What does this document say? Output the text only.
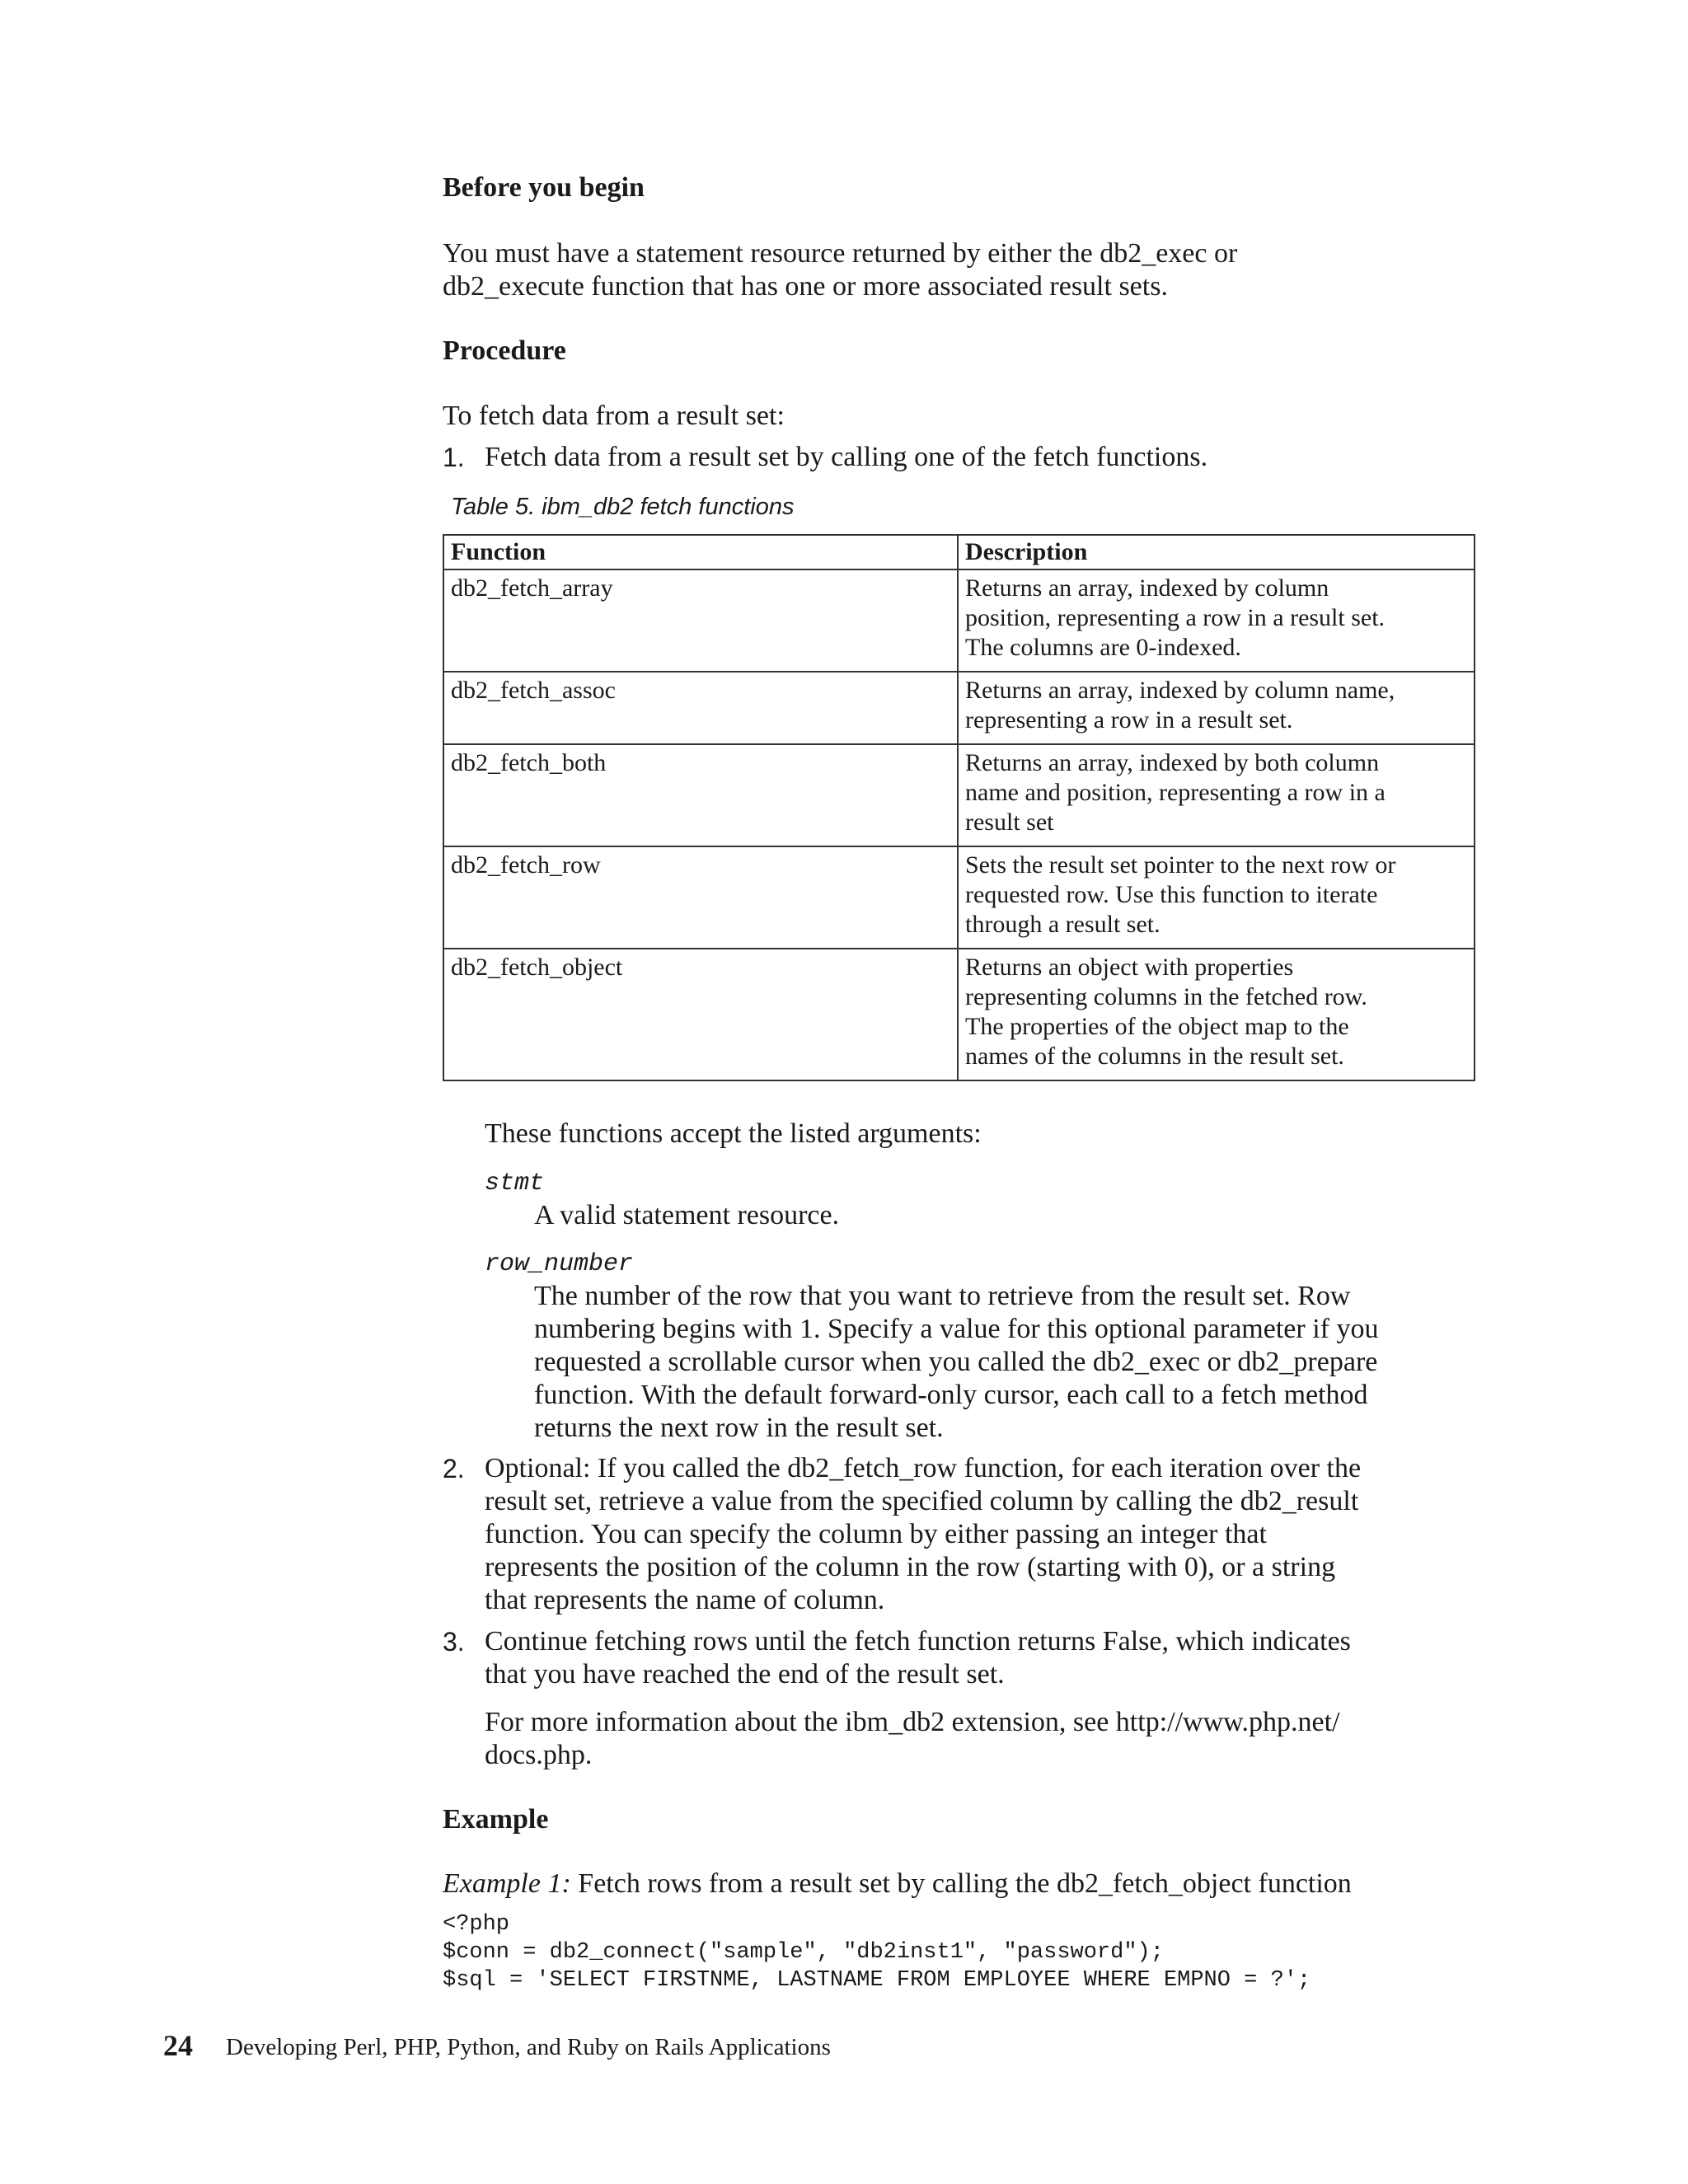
Before you begin

You must have a statement resource returned by either the db2_exec or

db2_execute function that has one or more associated result sets.

Procedure

To fetch data from a result set:

1. Fetch data from a result set by calling one of the fetch functions.

Table 5. ibm_db2 fetch functions
Function	Description
db2_fetch_array	Returns an array, indexed by column
position, representing a row in a result set.
The columns are 0-indexed.

db2_fetch_assoc	Returns an array, indexed by column name,
representing a row in a result set.

db2_fetch_both	Returns an array, indexed by both column
name and position, representing a row in a
result set

db2_fetch_row	Sets the result set pointer to the next row or
requested row. Use this function to iterate
through a result set.

db2_fetch_object	Returns an object with properties
representing columns in the fetched row.
The properties of the object map to the
names of the columns in the result set.

These functions accept the listed arguments:

stmt

A valid statement resource.

row_number

The number of the row that you want to retrieve from the result set. Row

numbering begins with 1. Specify a value for this optional parameter if you

requested a scrollable cursor when you called the db2_exec or db2_prepare

function. With the default forward-only cursor, each call to a fetch method

returns the next row in the result set.

2. Optional: If you called the db2_fetch_row function, for each iteration over the

result set, retrieve a value from the specified column by calling the db2_result

function. You can specify the column by either passing an integer that

represents the position of the column in the row (starting with 0), or a string

that represents the name of column.

3. Continue fetching rows until the fetch function returns False, which indicates

that you have reached the end of the result set.

For more information about the ibm_db2 extension, see http://www.php.net/

docs.php.

Example

Example 1: Fetch rows from a result set by calling the db2_fetch_object function

<?php
$conn = db2_connect("sample", "db2inst1", "password");
$sql = 'SELECT FIRSTNME, LASTNAME FROM EMPLOYEE WHERE EMPNO = ?';
24 Developing Perl, PHP, Python, and Ruby on Rails Applications
